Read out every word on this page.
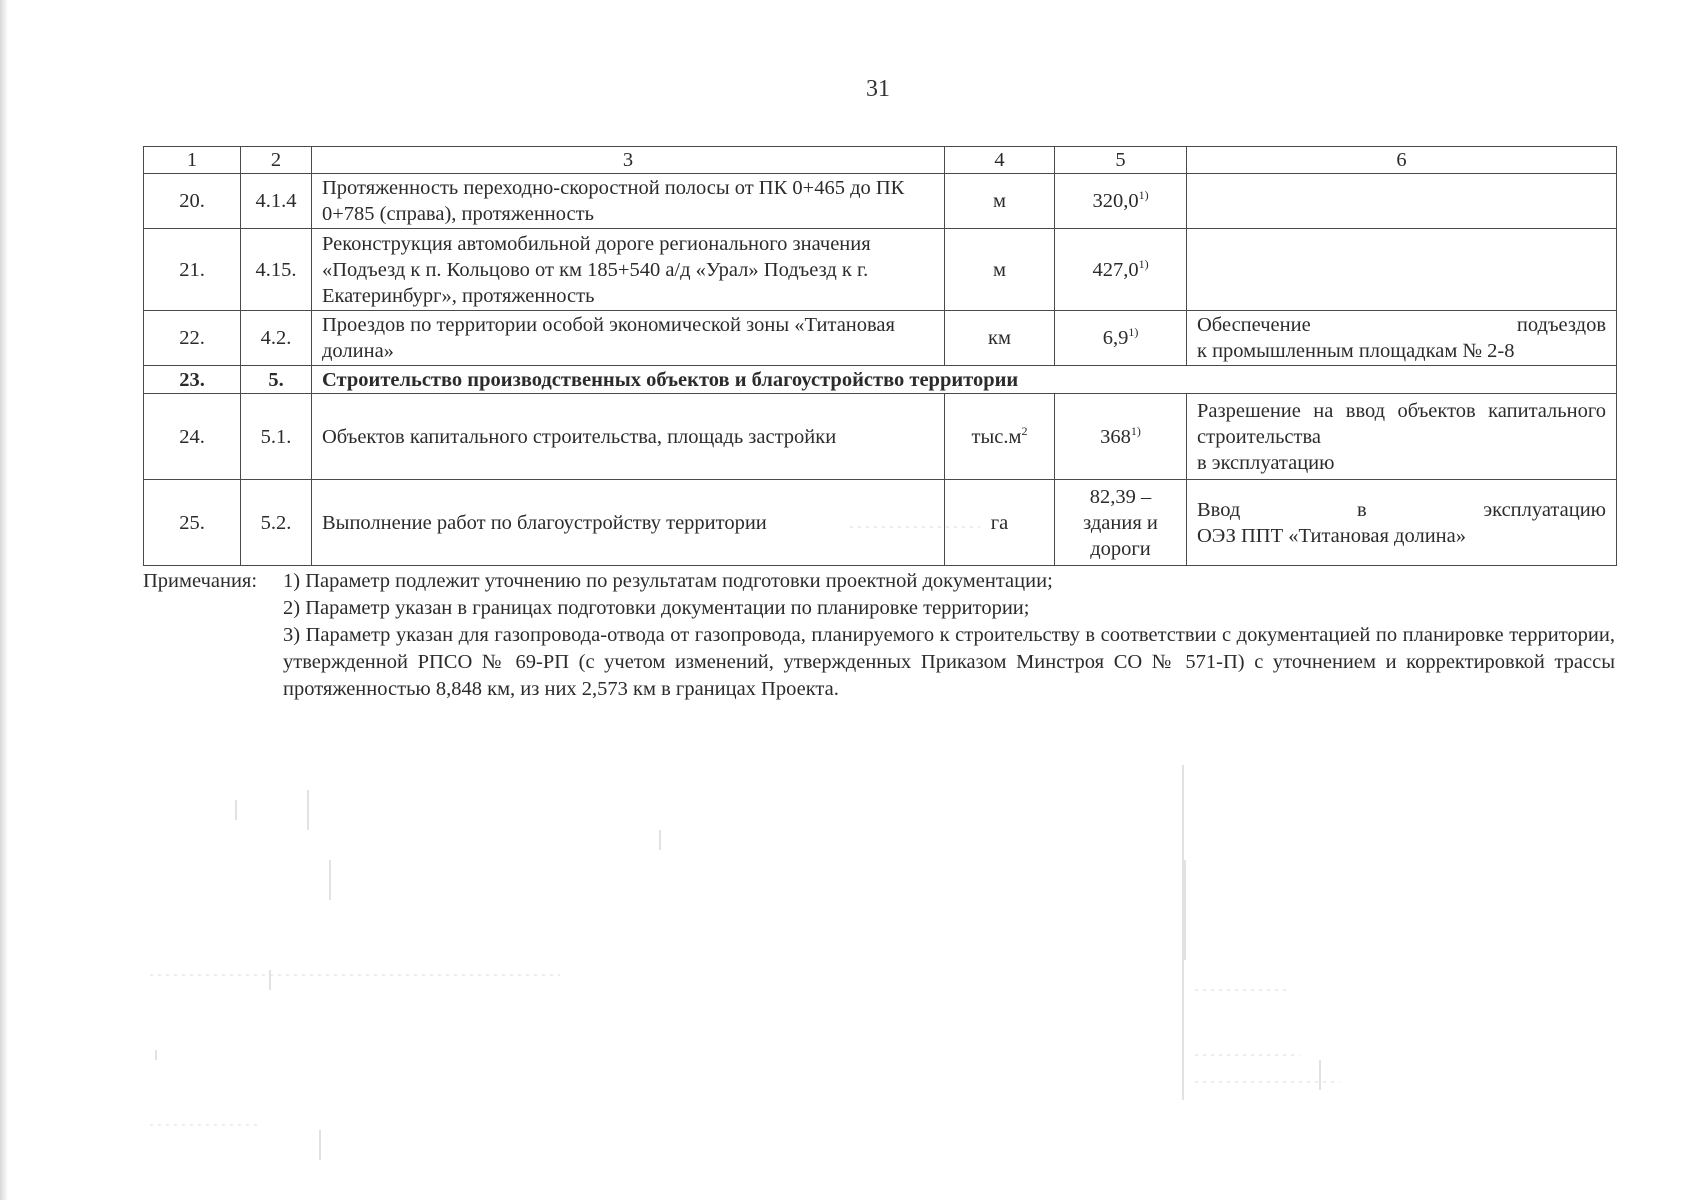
31
1	2	3	4	5	6
20.	4.1.4	Протяженность переходно-скоростной полосы от ПК 0+465 до ПК 0+785 (справа), протяженность	м	320,0$^{1)}$	
21.	4.15.	Реконструкция автомобильной дороге регионального значения «Подъезд к п. Кольцово от км 185+540 а/д «Урал» Подъезд к г. Екатеринбург», протяженность	м	427,0$^{1)}$	
22.	4.2.	Проездов по территории особой экономической зоны «Титановая долина»	км	6,9$^{1)}$	Обеспечение подъездов
к промышленным площадкам № 2-8

23.	5.	Строительство производственных объектов и благоустройство территории			
24.	5.1.	Объектов капитального строительства, площадь застройки	$тыс.м^2$	368$^{1)}$	Разрешение на ввод объектов капитального строительства
в эксплуатацию

25.	5.2.	Выполнение работ по благоустройству территории	га	82,39 – здания и дороги	Ввод в эксплуатацию
ОЭЗ ППТ «Титановая долина»
Примечания:	1) Параметр подлежит уточнению по результатам подготовки проектной документации;
2) Параметр указан в границах подготовки документации по планировке территории;
3) Параметр указан для газопровода-отвода от газопровода, планируемого к строительству в соответствии с документацией по планировке территории, утвержденной РПСО № 69-РП (с учетом изменений, утвержденных Приказом Минстроя СО № 571-П) с уточнением и корректировкой трассы протяженностью 8,848 км, из них 2,573 км в границах Проекта.
